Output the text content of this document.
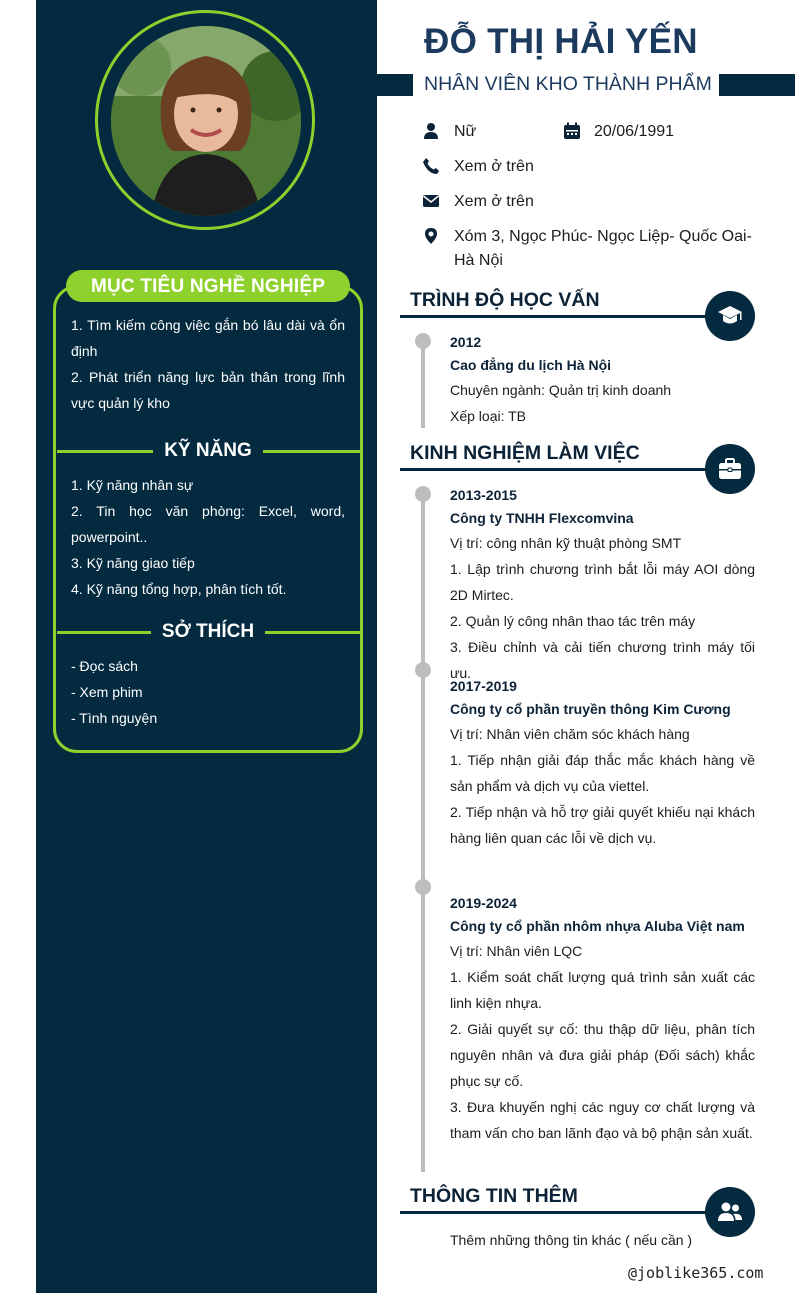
MỤC TIÊU NGHỀ NGHIỆP
1. Tìm kiếm công việc gắn bó lâu dài và ổn định
2. Phát triển năng lực bản thân trong lĩnh vực quản lý kho
KỸ NĂNG
1. Kỹ năng nhân sự
2. Tin học văn phòng: Excel, word, powerpoint..
3. Kỹ năng giao tiếp
4. Kỹ năng tổng hợp, phân tích tốt.
SỞ THÍCH
- Đọc sách
- Xem phim
- Tình nguyện
ĐỖ THỊ HẢI YẾN
NHÂN VIÊN KHO THÀNH PHẨM
Nữ	20/06/1991
Xem ở trên
Xem ở trên
Xóm 3, Ngọc Phúc- Ngọc Liệp- Quốc Oai- Hà Nội
TRÌNH ĐỘ HỌC VẤN
2012
Cao đẳng du lịch Hà Nội
Chuyên ngành: Quản trị kinh doanh
Xếp loại: TB
KINH NGHIỆM LÀM VIỆC
2013-2015
Công ty TNHH Flexcomvina
Vị trí: công nhân kỹ thuật phòng SMT
1. Lập trình chương trình bắt lỗi máy AOI dòng 2D Mirtec.
2. Quản lý công nhân thao tác trên máy
3. Điều chỉnh và cải tiến chương trình máy tối ưu.
2017-2019
Công ty cổ phần truyền thông Kim Cương
Vị trí: Nhân viên chăm sóc khách hàng
1. Tiếp nhận giải đáp thắc mắc khách hàng về sản phẩm và dịch vụ của viettel.
2. Tiếp nhận và hỗ trợ giải quyết khiếu nại khách hàng liên quan các lỗi về dịch vụ.
2019-2024
Công ty cổ phần nhôm nhựa Aluba Việt nam
Vị trí: Nhân viên LQC
1. Kiểm soát chất lượng quá trình sản xuất các linh kiện nhựa.
2. Giải quyết sự cố: thu thập dữ liệu, phân tích nguyên nhân và đưa giải pháp (Đối sách) khắc phục sự cố.
3. Đưa khuyến nghị các nguy cơ chất lượng và tham vấn cho ban lãnh đạo và bộ phận sản xuất.
THÔNG TIN THÊM
Thêm những thông tin khác ( nếu cần )
@joblike365.com
